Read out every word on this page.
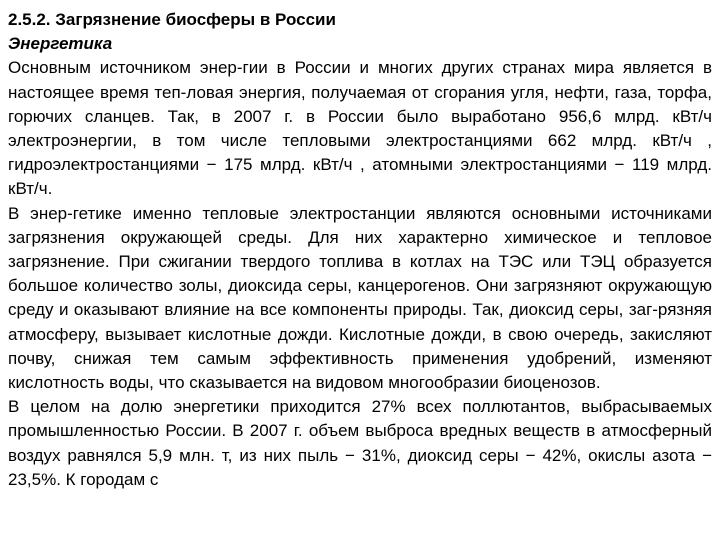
2.5.2. Загрязнение биосферы в России

Энергетика

Основным источником энер-гии в России и многих других странах мира является в настоящее время теп-ловая энергия, получаемая от сгорания угля, нефти, газа, торфа, горючих сланцев. Так, в 2007 г. в России было выработано 956,6 млрд. кВт/ч электроэнергии, в том числе тепловыми электростанциями 662 млрд. кВт/ч , гидроэлектростанциями − 175 млрд. кВт/ч , атомными электростанциями − 119 млрд. кВт/ч.

В энер-гетике именно тепловые электростанции являются основными источниками загрязнения окружающей среды. Для них характерно химическое и тепловое загрязнение. При сжигании твердого топлива в котлах на ТЭС или ТЭЦ образуется большое количество золы, диоксида серы, канцерогенов. Они загрязняют окружающую среду и оказывают влияние на все компоненты природы. Так, диоксид серы, заг-рязняя атмосферу, вызывает кислотные дожди. Кислотные дожди, в свою очередь, закисляют почву, снижая тем самым эффективность применения удобрений, изменяют кислотность воды, что сказывается на видовом многообразии биоценозов.

В целом на долю энергетики приходится 27% всех поллютантов, выбрасываемых промышленностью России. В 2007 г. объем выброса вредных веществ в атмосферный воздух равнялся 5,9 млн. т, из них пыль − 31%, диоксид серы − 42%, окислы азота − 23,5%. К городам с
